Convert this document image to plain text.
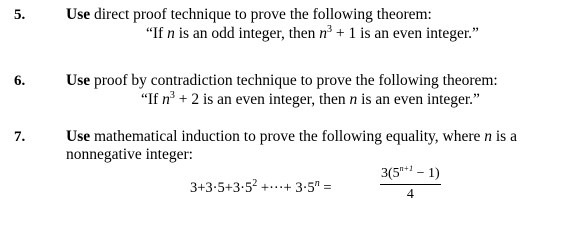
5.	Use direct proof technique to prove the following theorem:
“If n is an odd integer, then $n^3 + 1$ is an even integer.”
6.	Use proof by contradiction technique to prove the following theorem:
“If $n^3 + 2$ is an even integer, then n is an even integer.”
7.	Use mathematical induction to prove the following equality, where n is a
nonnegative integer:
$3+3\cdot 5+3\cdot 5^2$ +···+ $3\cdot 5^n$ =	$\frac{3(5^{n+1} - 1)}{4}$
